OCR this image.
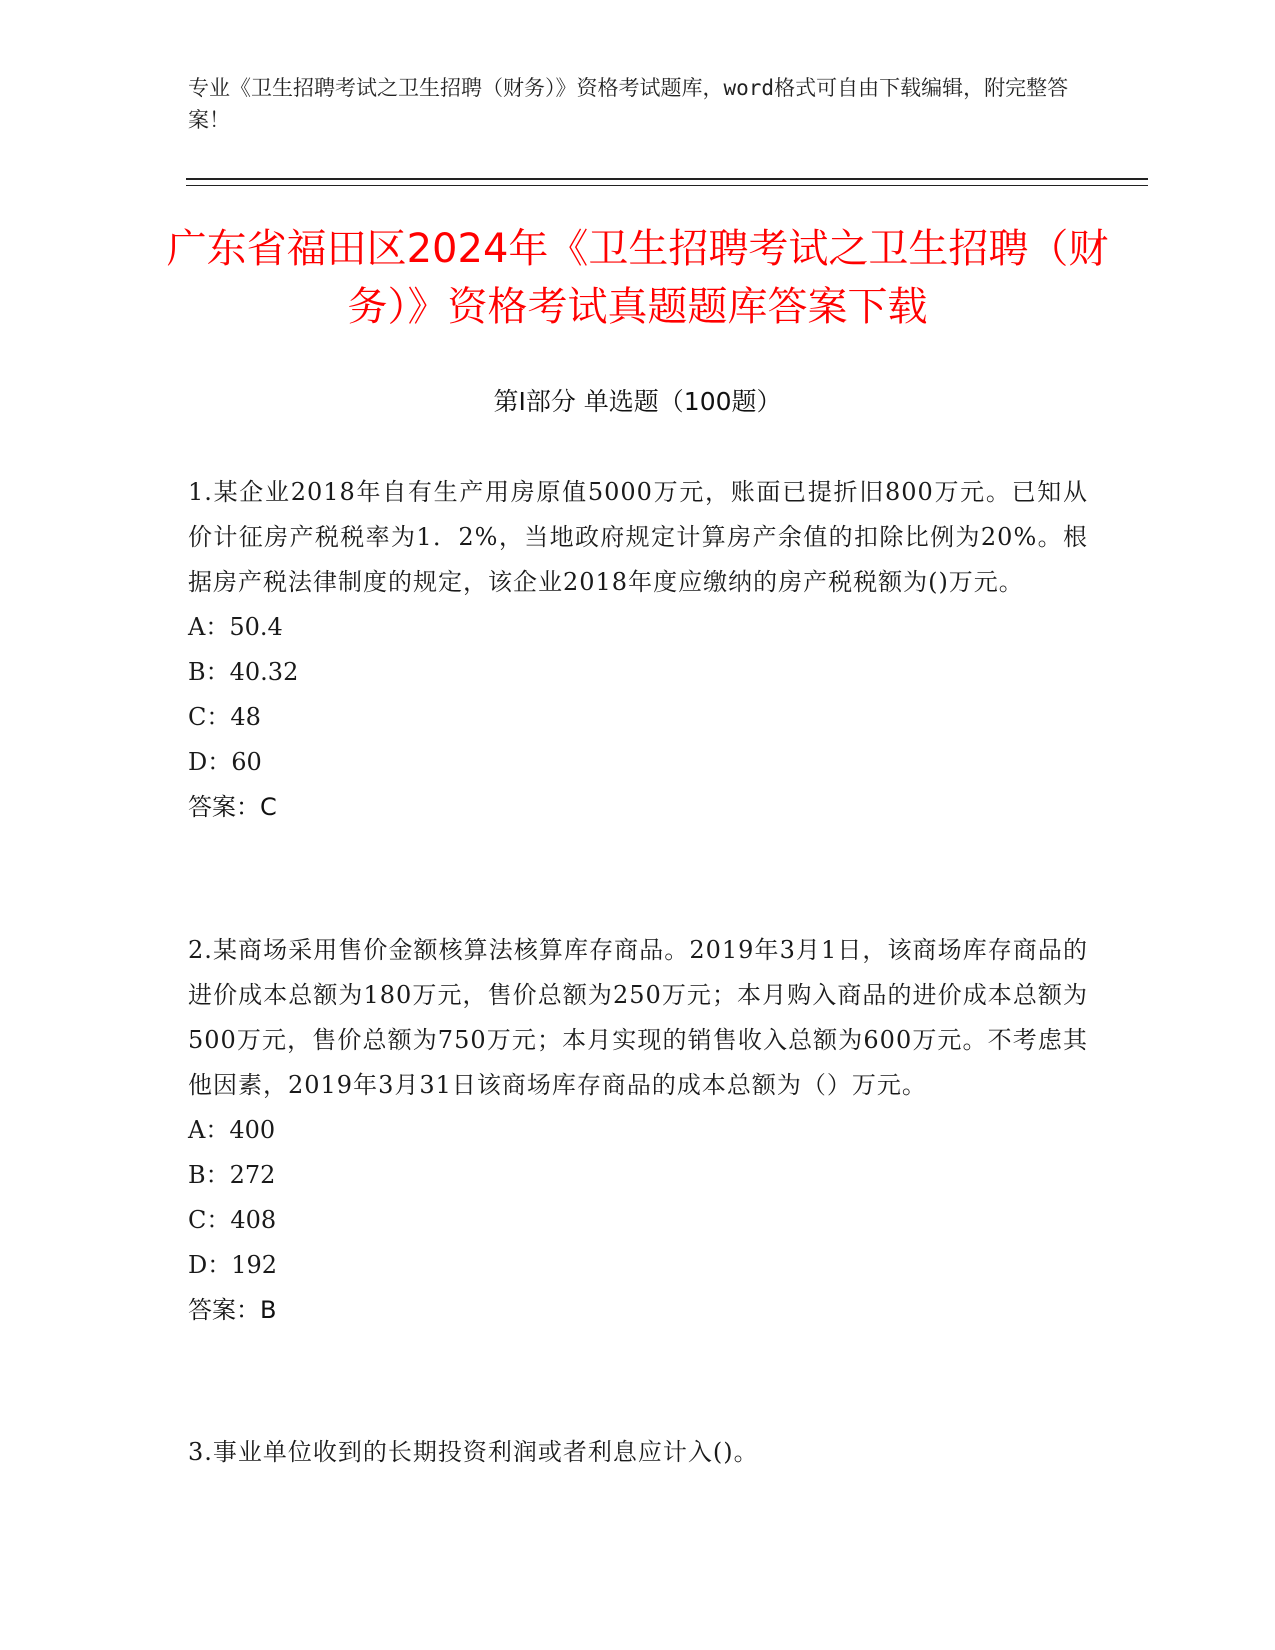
专业《卫生招聘考试之卫生招聘（财务）》资格考试题库，word格式可自由下载编辑，附完整答案！
广东省福田区2024年《卫生招聘考试之卫生招聘（财务）》资格考试真题题库答案下载
第Ⅰ部分 单选题（100题）
1.某企业2018年自有生产用房原值5000万元，账面已提折旧800万元。已知从价计征房产税税率为1．2%，当地政府规定计算房产余值的扣除比例为20%。根据房产税法律制度的规定，该企业2018年度应缴纳的房产税税额为()万元。
A：50.4
B：40.32
C：48
D：60
答案：C
2.某商场采用售价金额核算法核算库存商品。2019年3月1日，该商场库存商品的进价成本总额为180万元，售价总额为250万元；本月购入商品的进价成本总额为500万元，售价总额为750万元；本月实现的销售收入总额为600万元。不考虑其他因素，2019年3月31日该商场库存商品的成本总额为（）万元。
A：400
B：272
C：408
D：192
答案：B
3.事业单位收到的长期投资利润或者利息应计入()。
